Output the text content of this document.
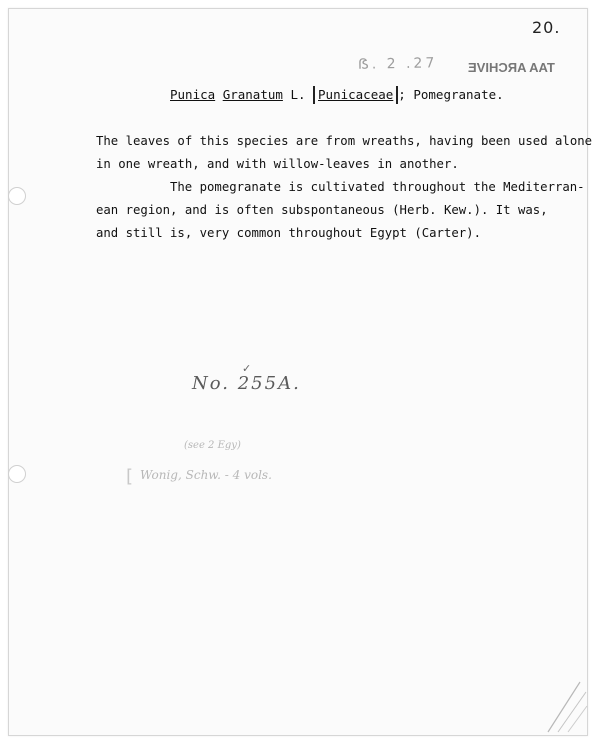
20.
ẞ. 2 .27 TAA ARCHIVE
Punica Granatum L. Punicaceae ; Pomegranate.
The leaves of this species are from wreaths, having been used alone
in one wreath, and with willow-leaves in another.
The pomegranate is cultivated throughout the Mediterran-
ean region, and is often subspontaneous (Herb. Kew.). It was,
and still is, very common throughout Egypt (Carter).
✓
No. 255A.
(see 2 Egy)
[ Wonig, Schw. - 4 vols.
